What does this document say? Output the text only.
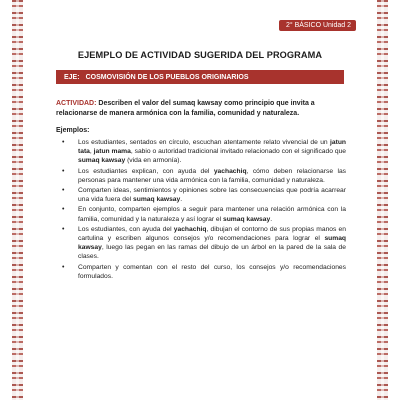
2° BÁSICO Unidad 2
EJEMPLO DE ACTIVIDAD SUGERIDA DEL PROGRAMA
EJE: COSMOVISIÓN DE LOS PUEBLOS ORIGINARIOS
ACTIVIDAD: Describen el valor del sumaq kawsay como principio que invita a relacionarse de manera armónica con la familia, comunidad y naturaleza.
Ejemplos:
• Los estudiantes, sentados en círculo, escuchan atentamente relato vivencial de un jatun tata, jatun mama, sabio o autoridad tradicional invitado relacionado con el significado que sumaq kawsay (vida en armonía).
• Los estudiantes explican, con ayuda del yachachiq, cómo deben relacionarse las personas para mantener una vida armónica con la familia, comunidad y naturaleza.
• Comparten ideas, sentimientos y opiniones sobre las consecuencias que podría acarrear una vida fuera del sumaq kawsay.
• En conjunto, comparten ejemplos a seguir para mantener una relación armónica con la familia, comunidad y la naturaleza y así lograr el sumaq kawsay.
• Los estudiantes, con ayuda del yachachiq, dibujan el contorno de sus propias manos en cartulina y escriben algunos consejos y/o recomendaciones para lograr el sumaq kawsay, luego las pegan en las ramas del dibujo de un árbol en la pared de la sala de clases.
• Comparten y comentan con el resto del curso, los consejos y/o recomendaciones formulados.
